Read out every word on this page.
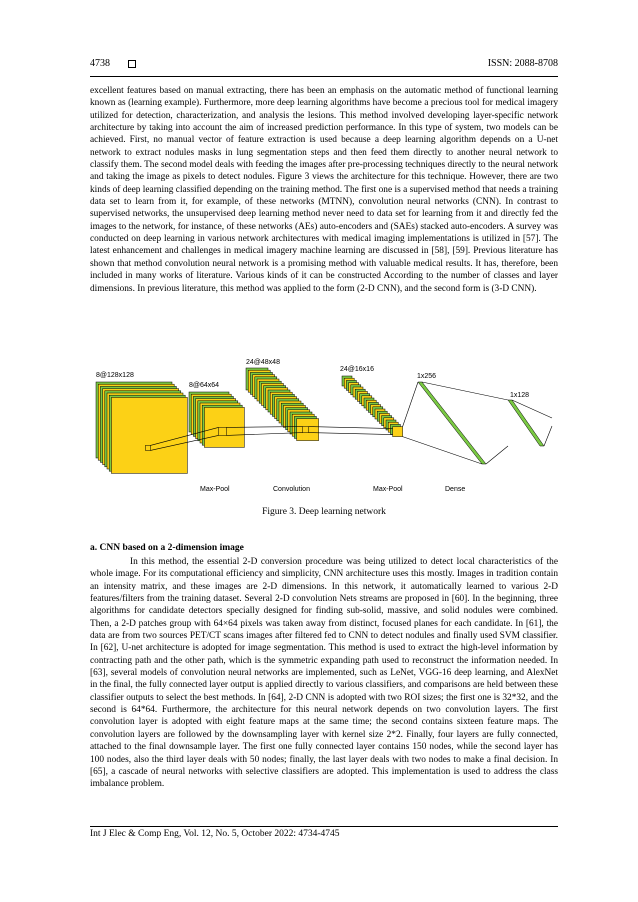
4738	ISSN: 2088-8708

excellent features based on manual extracting, there has been an emphasis on the automatic method of functional learning known as (learning example). Furthermore, more deep learning algorithms have become a precious tool for medical imagery utilized for detection, characterization, and analysis the lesions. This method involved developing layer-specific network architecture by taking into account the aim of increased prediction performance. In this type of system, two models can be achieved. First, no manual vector of feature extraction is used because a deep learning algorithm depends on a U-net network to extract nodules masks in lung segmentation steps and then feed them directly to another neural network to classify them. The second model deals with feeding the images after pre-processing techniques directly to the neural network and taking the image as pixels to detect nodules. Figure 3 views the architecture for this technique. However, there are two kinds of deep learning classified depending on the training method. The first one is a supervised method that needs a training data set to learn from it, for example, of these networks (MTNN), convolution neural networks (CNN). In contrast to supervised networks, the unsupervised deep learning method never need to data set for learning from it and directly fed the images to the network, for instance, of these networks (AEs) auto-encoders and (SAEs) stacked auto-encoders. A survey was conducted on deep learning in various network architectures with medical imaging implementations is utilized in [57]. The latest enhancement and challenges in medical imagery machine learning are discussed in [58], [59]. Previous literature has shown that method convolution neural network is a promising method with valuable medical results. It has, therefore, been included in many works of literature. Various kinds of it can be constructed According to the number of classes and layer dimensions. In previous literature, this method was applied to the form (2-D CNN), and the second form is (3-D CNN).

8@128x128
8@64x64
24@48x48
24@16x16
1x256
1x128
Max-Pool	Convolution	Max-Pool	Dense
Figure 3. Deep learning network
a. CNN based on a 2-dimension image

In this method, the essential 2-D conversion procedure was being utilized to detect local characteristics of the whole image. For its computational efficiency and simplicity, CNN architecture uses this mostly. Images in tradition contain an intensity matrix, and these images are 2-D dimensions. In this network, it automatically learned to various 2-D features/filters from the training dataset. Several 2-D convolution Nets streams are proposed in [60]. In the beginning, three algorithms for candidate detectors specially designed for finding sub-solid, massive, and solid nodules were combined. Then, a 2-D patches group with 64×64 pixels was taken away from distinct, focused planes for each candidate. In [61], the data are from two sources PET/CT scans images after filtered fed to CNN to detect nodules and finally used SVM classifier. In [62], U-net architecture is adopted for image segmentation. This method is used to extract the high-level information by contracting path and the other path, which is the symmetric expanding path used to reconstruct the information needed. In [63], several models of convolution neural networks are implemented, such as LeNet, VGG-16 deep learning, and AlexNet in the final, the fully connected layer output is applied directly to various classifiers, and comparisons are held between these classifier outputs to select the best methods. In [64], 2-D CNN is adopted with two ROI sizes; the first one is 32*32, and the second is 64*64. Furthermore, the architecture for this neural network depends on two convolution layers. The first convolution layer is adopted with eight feature maps at the same time; the second contains sixteen feature maps. The convolution layers are followed by the downsampling layer with kernel size 2*2. Finally, four layers are fully connected, attached to the final downsample layer. The first one fully connected layer contains 150 nodes, while the second layer has 100 nodes, also the third layer deals with 50 nodes; finally, the last layer deals with two nodes to make a final decision. In [65], a cascade of neural networks with selective classifiers are adopted. This implementation is used to address the class imbalance problem.

Int J Elec & Comp Eng, Vol. 12, No. 5, October 2022: 4734-4745
